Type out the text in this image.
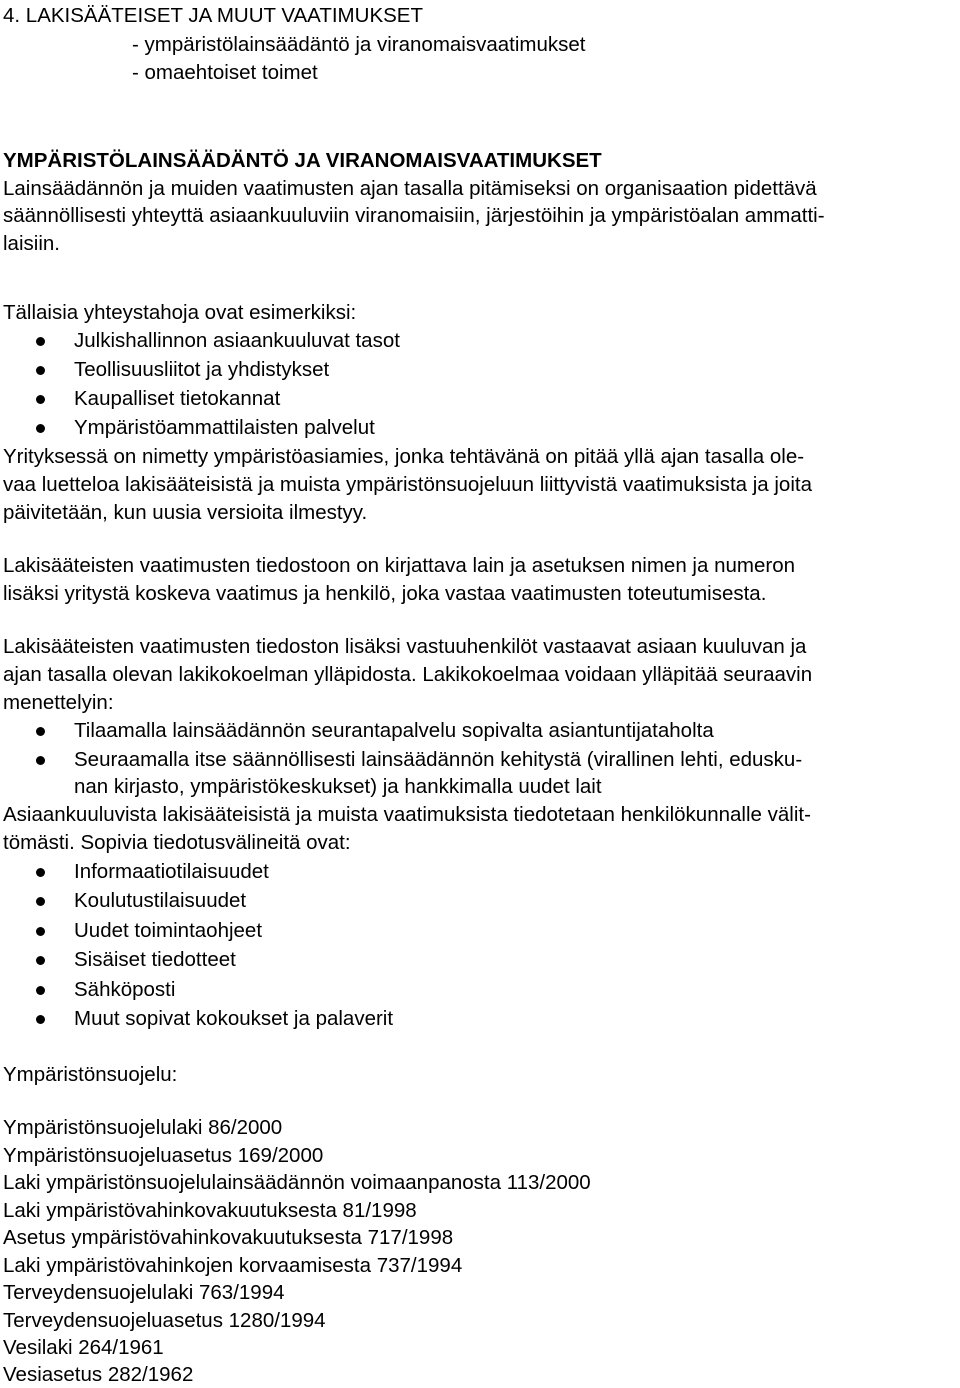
4. LAKISÄÄTEISET JA MUUT VAATIMUKSET
- ympäristölainsäädäntö ja viranomaisvaatimukset
- omaehtoiset toimet
YMPÄRISTÖLAINSÄÄDÄNTÖ JA VIRANOMAISVAATIMUKSET
Lainsäädännön ja muiden vaatimusten ajan tasalla pitämiseksi on organisaation pidettävä
säännöllisesti yhteyttä asiaankuuluviin viranomaisiin, järjestöihin ja ympäristöalan ammatti-
laisiin.
Tällaisia yhteystahoja ovat esimerkiksi:
Julkishallinnon asiaankuuluvat tasot
Teollisuusliitot ja yhdistykset
Kaupalliset tietokannat
Ympäristöammattilaisten palvelut
Yrityksessä on nimetty ympäristöasiamies, jonka tehtävänä on pitää yllä ajan tasalla ole-
vaa luetteloa lakisääteisistä ja muista ympäristönsuojeluun liittyvistä vaatimuksista ja joita
päivitetään, kun uusia versioita ilmestyy.
Lakisääteisten vaatimusten tiedostoon on kirjattava lain ja asetuksen nimen ja numeron
lisäksi yritystä koskeva vaatimus ja henkilö, joka vastaa vaatimusten toteutumisesta.
Lakisääteisten vaatimusten tiedoston lisäksi vastuuhenkilöt vastaavat asiaan kuuluvan ja
ajan tasalla olevan lakikokoelman ylläpidosta. Lakikokoelmaa voidaan ylläpitää seuraavin
menettelyin:
Tilaamalla lainsäädännön seurantapalvelu sopivalta asiantuntijataholta
Seuraamalla itse säännöllisesti lainsäädännön kehitystä (virallinen lehti, edusku-
nan kirjasto, ympäristökeskukset) ja hankkimalla uudet lait
Asiaankuuluvista lakisääteisistä ja muista vaatimuksista tiedotetaan henkilökunnalle välit-
tömästi. Sopivia tiedotusvälineitä ovat:
Informaatiotilaisuudet
Koulutustilaisuudet
Uudet toimintaohjeet
Sisäiset tiedotteet
Sähköposti
Muut sopivat kokoukset ja palaverit
Ympäristönsuojelu:
Ympäristönsuojelulaki 86/2000
Ympäristönsuojeluasetus 169/2000
Laki ympäristönsuojelulainsäädännön voimaanpanosta 113/2000
Laki ympäristövahinkovakuutuksesta 81/1998
Asetus ympäristövahinkovakuutuksesta 717/1998
Laki ympäristövahinkojen korvaamisesta 737/1994
Terveydensuojelulaki 763/1994
Terveydensuojeluasetus 1280/1994
Vesilaki 264/1961
Vesiasetus 282/1962
